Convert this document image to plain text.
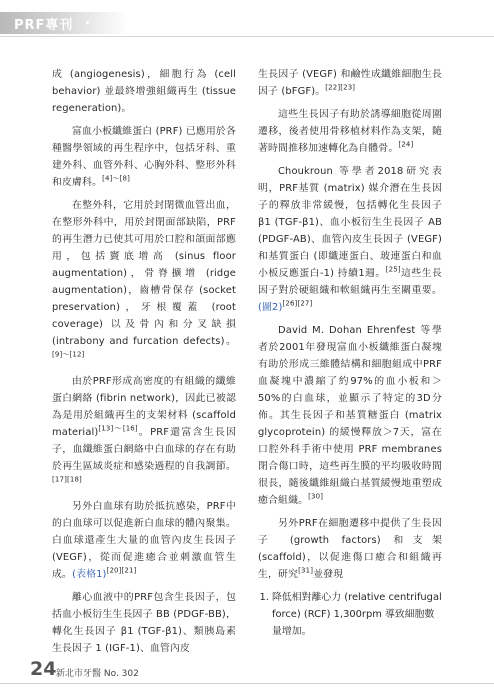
PRF專刊

成 (angiogenesis)，細胞行為 (cell behavior) 並最終增強組織再生 (tissue regeneration)。

富血小板纖維蛋白 (PRF) 已應用於各種醫學領域的再生程序中，包括牙科、重建外科、血管外科、心胸外科、整形外科和皮膚科。[4]～[8]

在整外科，它用於封閉微血管出血，在整形外科中，用於封閉面部缺陷，PRF的再生潛力已使其可用於口腔和頜面部應用，包括竇底增高 (sinus floor augmentation)，骨脊擴增 (ridge augmentation)，齒槽骨保存 (socket preservation)，牙根覆蓋 (root coverage) 以及骨內和分叉缺損 (intrabony and furcation defects)。[9]～[12]

由於PRF形成高密度的有組織的纖維蛋白網絡 (fibrin network)，因此已被認為是用於組織再生的支架材料 (scaffold material)[13]～[16]。PRF還富含生長因子，血纖維蛋白網絡中白血球的存在有助於再生區域炎症和感染過程的自我調節。[17][18]

另外白血球有助於抵抗感染，PRF中的白血球可以促進新白血球的體內聚集。白血球還產生大量的血管內皮生長因子 (VEGF)，從而促進癒合並刺激血管生成。(表格1)[20][21]

離心血液中的PRF包含生長因子，包括血小板衍生生長因子 BB (PDGF-BB)，轉化生長因子 β1 (TGF-β1)、類胰島素生長因子 1 (IGF-1)、血管內皮

生長因子 (VEGF) 和鹼性成纖維細胞生長因子 (bFGF)。[22][23]

這些生長因子有助於誘導細胞從周圍遷移，後者使用骨移植材料作為支架，隨著時間推移加速轉化為自體骨。[24]

Choukroun 等學者2018研究表明，PRF基質 (matrix) 媒介潛在生長因子的釋放非常緩慢，包括轉化生長因子 β1 (TGF-β1)、血小板衍生生長因子 AB (PDGF-AB)、血管內皮生長因子 (VEGF) 和基質蛋白 (即纖連蛋白、玻連蛋白和血小板反應蛋白-1) 持續1週。[25]這些生長因子對於硬組織和軟組織再生至關重要。(圖2)[26][27]

David M. Dohan Ehrenfest 等學者於2001年發現富血小板纖維蛋白凝塊有助於形成三維體結構和細胞組成中PRF血凝塊中濃縮了約97%的血小板和＞50%的白血球，並顯示了特定的3D分佈。其生長因子和基質糖蛋白 (matrix glycoprotein) 的緩慢釋放＞7天，富在口腔外科手術中使用 PRF membranes 閉合傷口時，這些再生膜的平均吸收時間很長，隨後纖維組織白基質緩慢地重塑成癒合組織。[30]

另外PRF在細胞遷移中提供了生長因子 (growth factors) 和支架 (scaffold)，以促進傷口癒合和組織再生，研究[31]並發現

1. 降低相對離心力 (relative centrifugal force) (RCF) 1,300rpm 導致細胞數量增加。
24 新北市牙醫 No. 302
